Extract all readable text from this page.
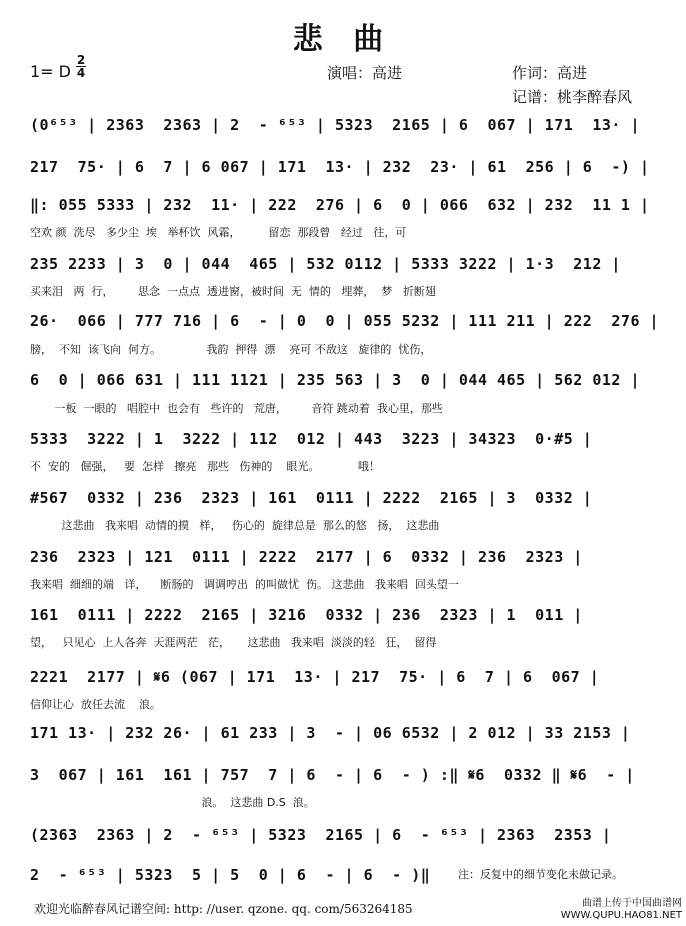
悲 曲
1= D
2
4	演唱：高进	作词：高进
记谱：桃李醉春风
(0⁶⁵³ | 2363  2363 | 2  - ⁶⁵³ | 5323  2165 | 6  067 | 171  13· |
217  75· | 6  7 | 6 067 | 171  13· | 232  23· | 61  256 | 6  -) |
‖: 055 5333 | 232  11· | 222  276 | 6  0 | 066  632 | 232  11 1 |
空欢 颜  洗尽   多少尘  埃   举杯饮  风霜，        留恋  那段曾   经过   往，可
235 2233 | 3  0 | 044  465 | 532 0112 | 5333 3222 | 1·3  212 |
买来泪   两  行，       思念  一点点  透进窗，被时间  无  情的   埋葬，  梦   折断翅
26·  066 | 777 716 | 6  - | 0  0 | 055 5232 | 111 211 | 222  276 |
膀，  不知  该飞向  何方。             我韵  押得  漂    亮可 不敌这   旋律的  忧伤，
6  0 | 066 631 | 111 1121 | 235 563 | 3  0 | 044 465 | 562 012 |
一板  一眼的   唱腔中  也会有   些许的   荒唐，       音符 跳动着  我心里，那些
5333  3222 | 1  3222 | 112  012 | 443  3223 | 34323  0·#5 |
不  安的   倔强，   要  怎样   擦亮   那些   伤神的    眼光。           哦！
#567  0332 | 236  2323 | 161  0111 | 2222  2165 | 3  0332 |
这悲曲   我来唱  动情的摸   样，   伤心的  旋律总是  那么的悠   扬，  这悲曲
236  2323 | 121  0111 | 2222  2177 | 6  0332 | 236  2323 |
我来唱  细细的端   详，    断肠的   调调哼出  的叫做忧  伤。 这悲曲   我来唱  回头望一
161  0111 | 2222  2165 | 3216  0332 | 236  2323 | 1  011 |
望，   只见心  上人各奔  天涯两茫   茫，     这悲曲   我来唱  淡淡的轻   狂，  留得
2221  2177 | 𝄋6 (067 | 171  13· | 217  75· | 6  7 | 6  067 |
信仰让心  放任去流    浪。
171 13· | 232 26· | 61 233 | 3  - | 06 6532 | 2 012 | 33 2153 |
3  067 | 161  161 | 757  7 | 6  - | 6  - ) :‖ 𝄋6  0332 ‖ 𝄋6  - |
浪。  这悲曲 D.S  浪。
(2363  2363 | 2  - ⁶⁵³ | 5323  2165 | 6  - ⁶⁵³ | 2363  2353 |
2  - ⁶⁵³ | 5323  5 | 5  0 | 6  - | 6  - )‖	注：反复中的细节变化未做记录。
欢迎光临醉春风记谱空间: http: //user. qzone. qq. com/563264185	曲谱上传于中国曲谱网
WWW.QUPU.HAO81.NET
